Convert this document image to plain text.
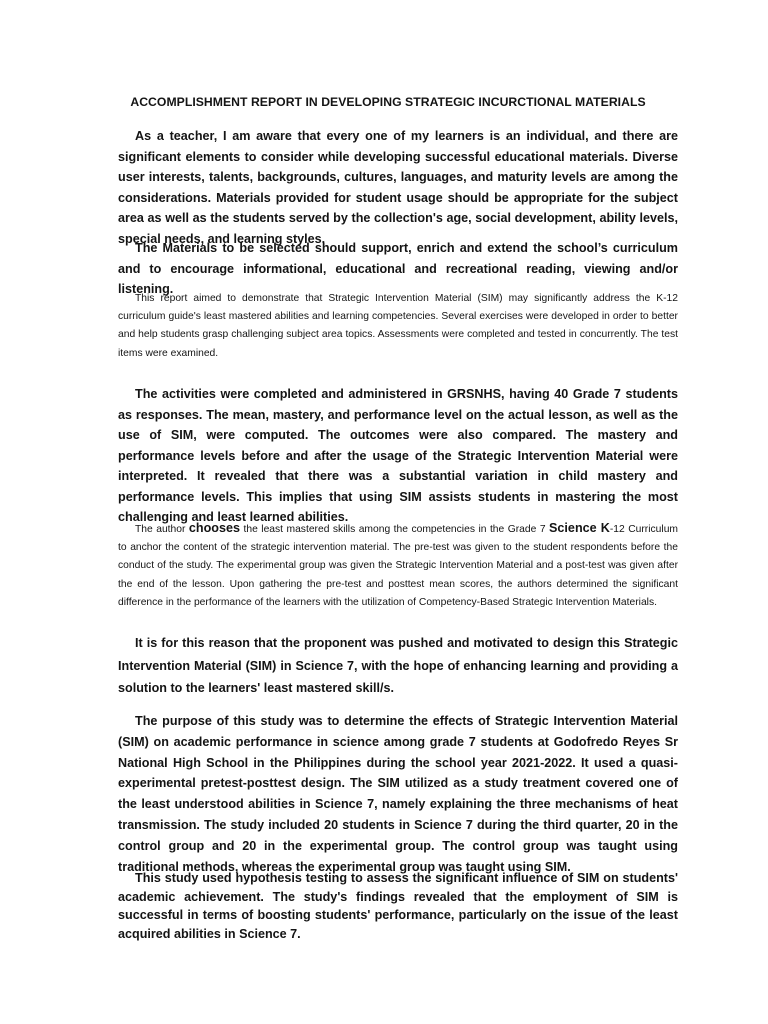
ACCOMPLISHMENT REPORT IN DEVELOPING STRATEGIC INCURCTIONAL MATERIALS

As a teacher, I am aware that every one of my learners is an individual, and there are significant elements to consider while developing successful educational materials. Diverse user interests, talents, backgrounds, cultures, languages, and maturity levels are among the considerations. Materials provided for student usage should be appropriate for the subject area as well as the students served by the collection's age, social development, ability levels, special needs, and learning styles.

The Materials to be selected should support, enrich and extend the school’s curriculum and to encourage informational, educational and recreational reading, viewing and/or listening.

This report aimed to demonstrate that Strategic Intervention Material (SIM) may significantly address the K-12 curriculum guide's least mastered abilities and learning competencies. Several exercises were developed in order to better and help students grasp challenging subject area topics. Assessments were completed and tested in concurrently. The test items were examined.

The activities were completed and administered in GRSNHS, having 40 Grade 7 students as responses. The mean, mastery, and performance level on the actual lesson, as well as the use of SIM, were computed. The outcomes were also compared. The mastery and performance levels before and after the usage of the Strategic Intervention Material were interpreted. It revealed that there was a substantial variation in child mastery and performance levels. This implies that using SIM assists students in mastering the most challenging and least learned abilities.

The author chooses the least mastered skills among the competencies in the Grade 7 Science K-12 Curriculum to anchor the content of the strategic intervention material. The pre-test was given to the student respondents before the conduct of the study. The experimental group was given the Strategic Intervention Material and a post-test was given after the end of the lesson. Upon gathering the pre-test and posttest mean scores, the authors determined the significant difference in the performance of the learners with the utilization of Competency-Based Strategic Intervention Materials.

It is for this reason that the proponent was pushed and motivated to design this Strategic Intervention Material (SIM) in Science 7, with the hope of enhancing learning and providing a solution to the learners' least mastered skill/s.

The purpose of this study was to determine the effects of Strategic Intervention Material (SIM) on academic performance in science among grade 7 students at Godofredo Reyes Sr National High School in the Philippines during the school year 2021-2022. It used a quasi-experimental pretest-posttest design. The SIM utilized as a study treatment covered one of the least understood abilities in Science 7, namely explaining the three mechanisms of heat transmission. The study included 20 students in Science 7 during the third quarter, 20 in the control group and 20 in the experimental group. The control group was taught using traditional methods, whereas the experimental group was taught using SIM.

This study used hypothesis testing to assess the significant influence of SIM on students' academic achievement. The study's findings revealed that the employment of SIM is successful in terms of boosting students' performance, particularly on the issue of the least acquired abilities in Science 7.
